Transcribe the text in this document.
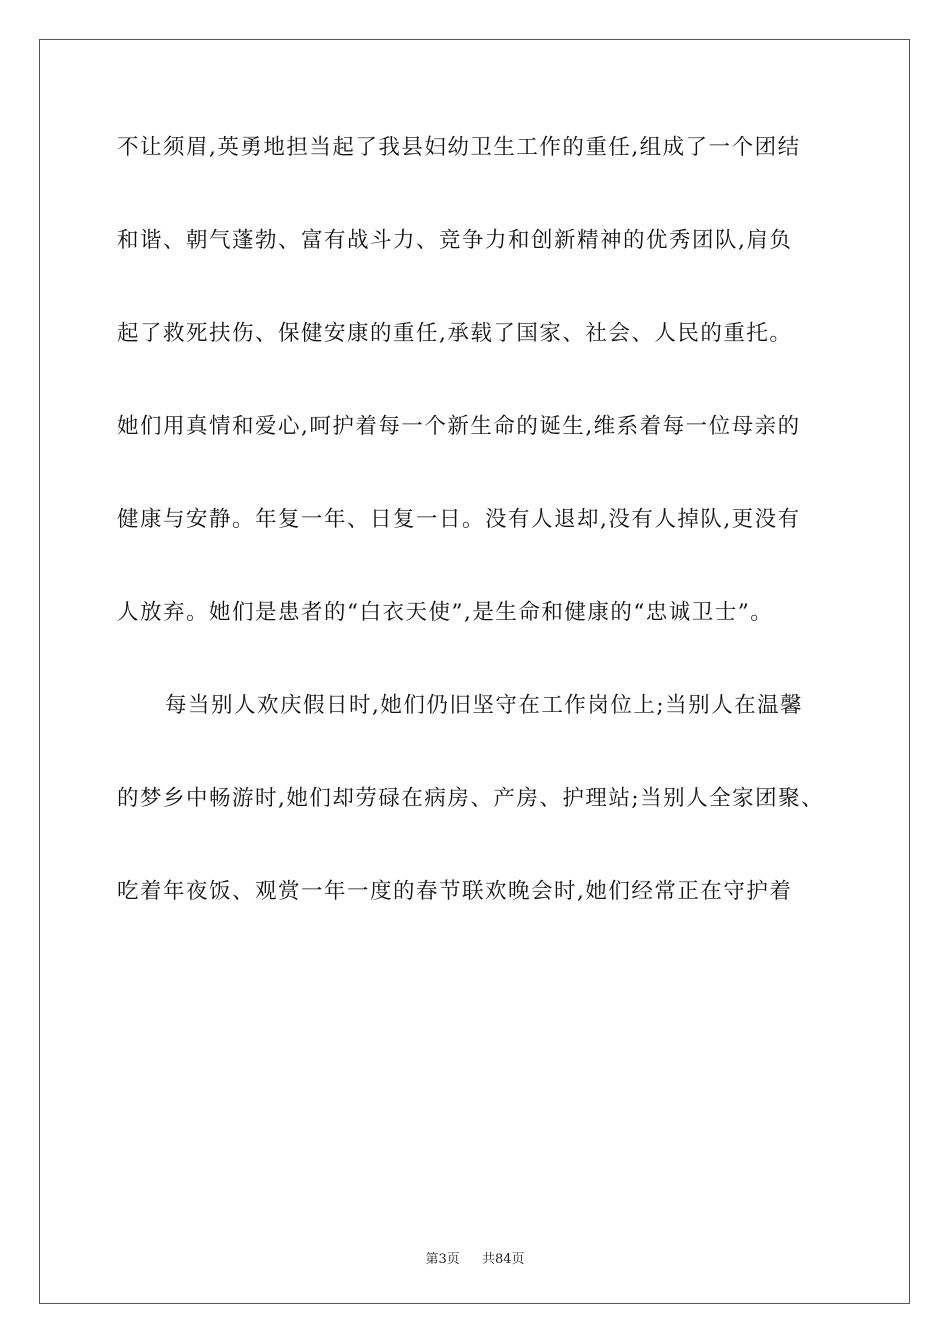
不让须眉,英勇地担当起了我县妇幼卫生工作的重任,组成了一个团结

和谐、朝气蓬勃、富有战斗力、竞争力和创新精神的优秀团队,肩负

起了救死扶伤、保健安康的重任,承载了国家、社会、人民的重托。

她们用真情和爱心,呵护着每一个新生命的诞生,维系着每一位母亲的

健康与安静。年复一年、日复一日。没有人退却,没有人掉队,更没有

人放弃。她们是患者的“白衣天使”,是生命和健康的“忠诚卫士”。

每当别人欢庆假日时,她们仍旧坚守在工作岗位上;当别人在温馨

的梦乡中畅游时,她们却劳碌在病房、产房、护理站;当别人全家团聚、

吃着年夜饭、观赏一年一度的春节联欢晚会时,她们经常正在守护着

第3页 共84页
